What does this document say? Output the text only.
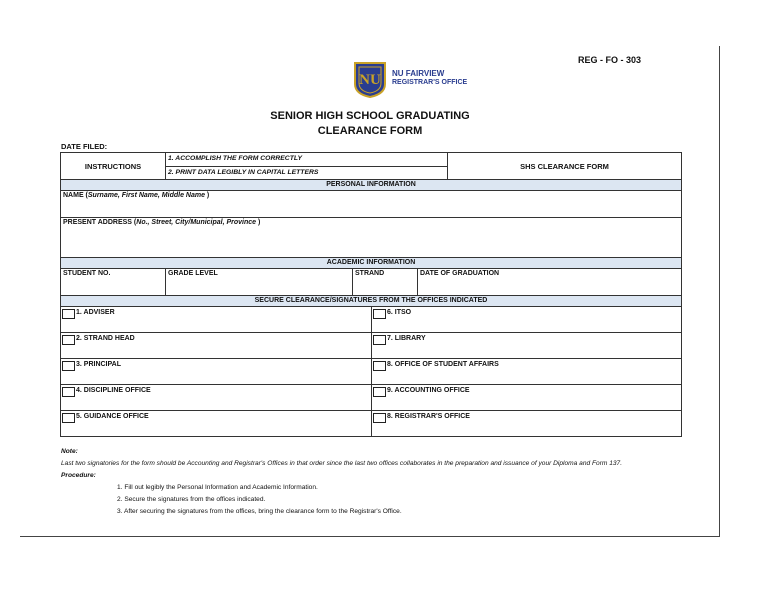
REG - FO - 303
NU NU FAIRVIEW
REGISTRAR'S OFFICE
SENIOR HIGH SCHOOL GRADUATING
CLEARANCE FORM
DATE FILED:
INSTRUCTIONS
1. ACCOMPLISH THE FORM CORRECTLY
2. PRINT DATA LEGIBLY IN CAPITAL LETTERS
SHS CLEARANCE FORM
PERSONAL INFORMATION
NAME (Surname, First Name, Middle Name )
PRESENT ADDRESS (No., Street, City/Municipal, Province )
ACADEMIC INFORMATION
STUDENT NO.	GRADE LEVEL	STRAND	DATE OF GRADUATION
SECURE CLEARANCE/SIGNATURES FROM THE OFFICES INDICATED
1. ADVISER	6. ITSO
2. STRAND HEAD	7. LIBRARY
3. PRINCIPAL	8. OFFICE OF STUDENT AFFAIRS
4. DISCIPLINE OFFICE	9. ACCOUNTING OFFICE
5. GUIDANCE OFFICE	8. REGISTRAR'S OFFICE
Note:
Last two signatories for the form should be Accounting and Registrar's Offices in that order since the last two offices collaborates in the preparation and issuance of your Diploma and Form 137.
Procedure:
1. Fill out legibly the Personal Information and Academic Information.
2. Secure the signatures from the offices indicated.
3. After securing the signatures from the offices, bring the clearance form to the Registrar's Office.
